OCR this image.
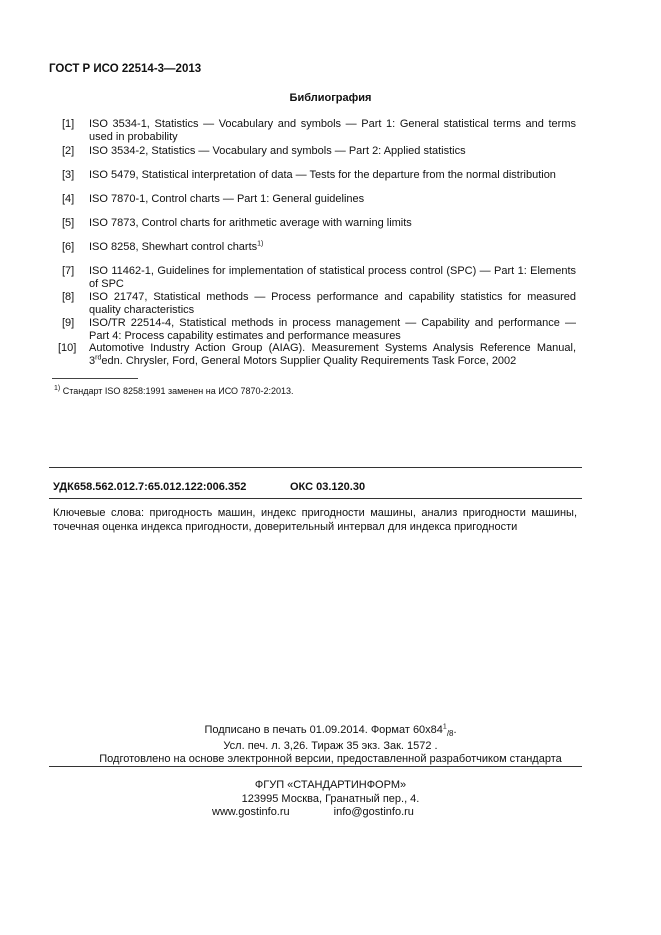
ГОСТ Р ИСО 22514-3—2013
Библиография
[1]	ISO 3534-1, Statistics — Vocabulary and symbols — Part 1: General statistical terms and terms used in probability
[2]	ISO 3534-2, Statistics — Vocabulary and symbols — Part 2: Applied statistics
[3]	ISO 5479, Statistical interpretation of data — Tests for the departure from the normal distribution
[4]	ISO 7870-1, Control charts — Part 1: General guidelines
[5]	ISO 7873, Control charts for arithmetic average with warning limits
[6]	ISO 8258, Shewhart control charts$^{1)}$
[7]	ISO 11462-1, Guidelines for implementation of statistical process control (SPC) — Part 1: Elements of SPC
[8]	ISO 21747, Statistical methods — Process performance and capability statistics for measured quality characteristics
[9]	ISO/TR 22514-4, Statistical methods in process management — Capability and performance — Part 4: Process capability estimates and performance measures
[10]	Automotive Industry Action Group (AIAG). Measurement Systems Analysis Reference Manual, 3rdedn. Chrysler, Ford, General Motors Supplier Quality Requirements Task Force, 2002
$^{1)}$ Стандарт ISO 8258:1991 заменен на ИСО 7870-2:2013.
УДК658.562.012.7:65.012.122:006.352	ОКС 03.120.30
Ключевые слова: пригодность машин, индекс пригодности машины, анализ пригодности машины,
точечная оценка индекса пригодности, доверительный интервал для индекса пригодности
Подписано в печать 01.09.2014. Формат $60x84^1_{/8}$.
Усл. печ. л. 3,26. Тираж 35 экз. Зак. 1572 .
Подготовлено на основе электронной версии, предоставленной разработчиком стандарта
ФГУП «СТАНДАРТИНФОРМ»
123995 Москва, Гранатный пер., 4.
www.gostinfo.ru	info@gostinfo.ru
